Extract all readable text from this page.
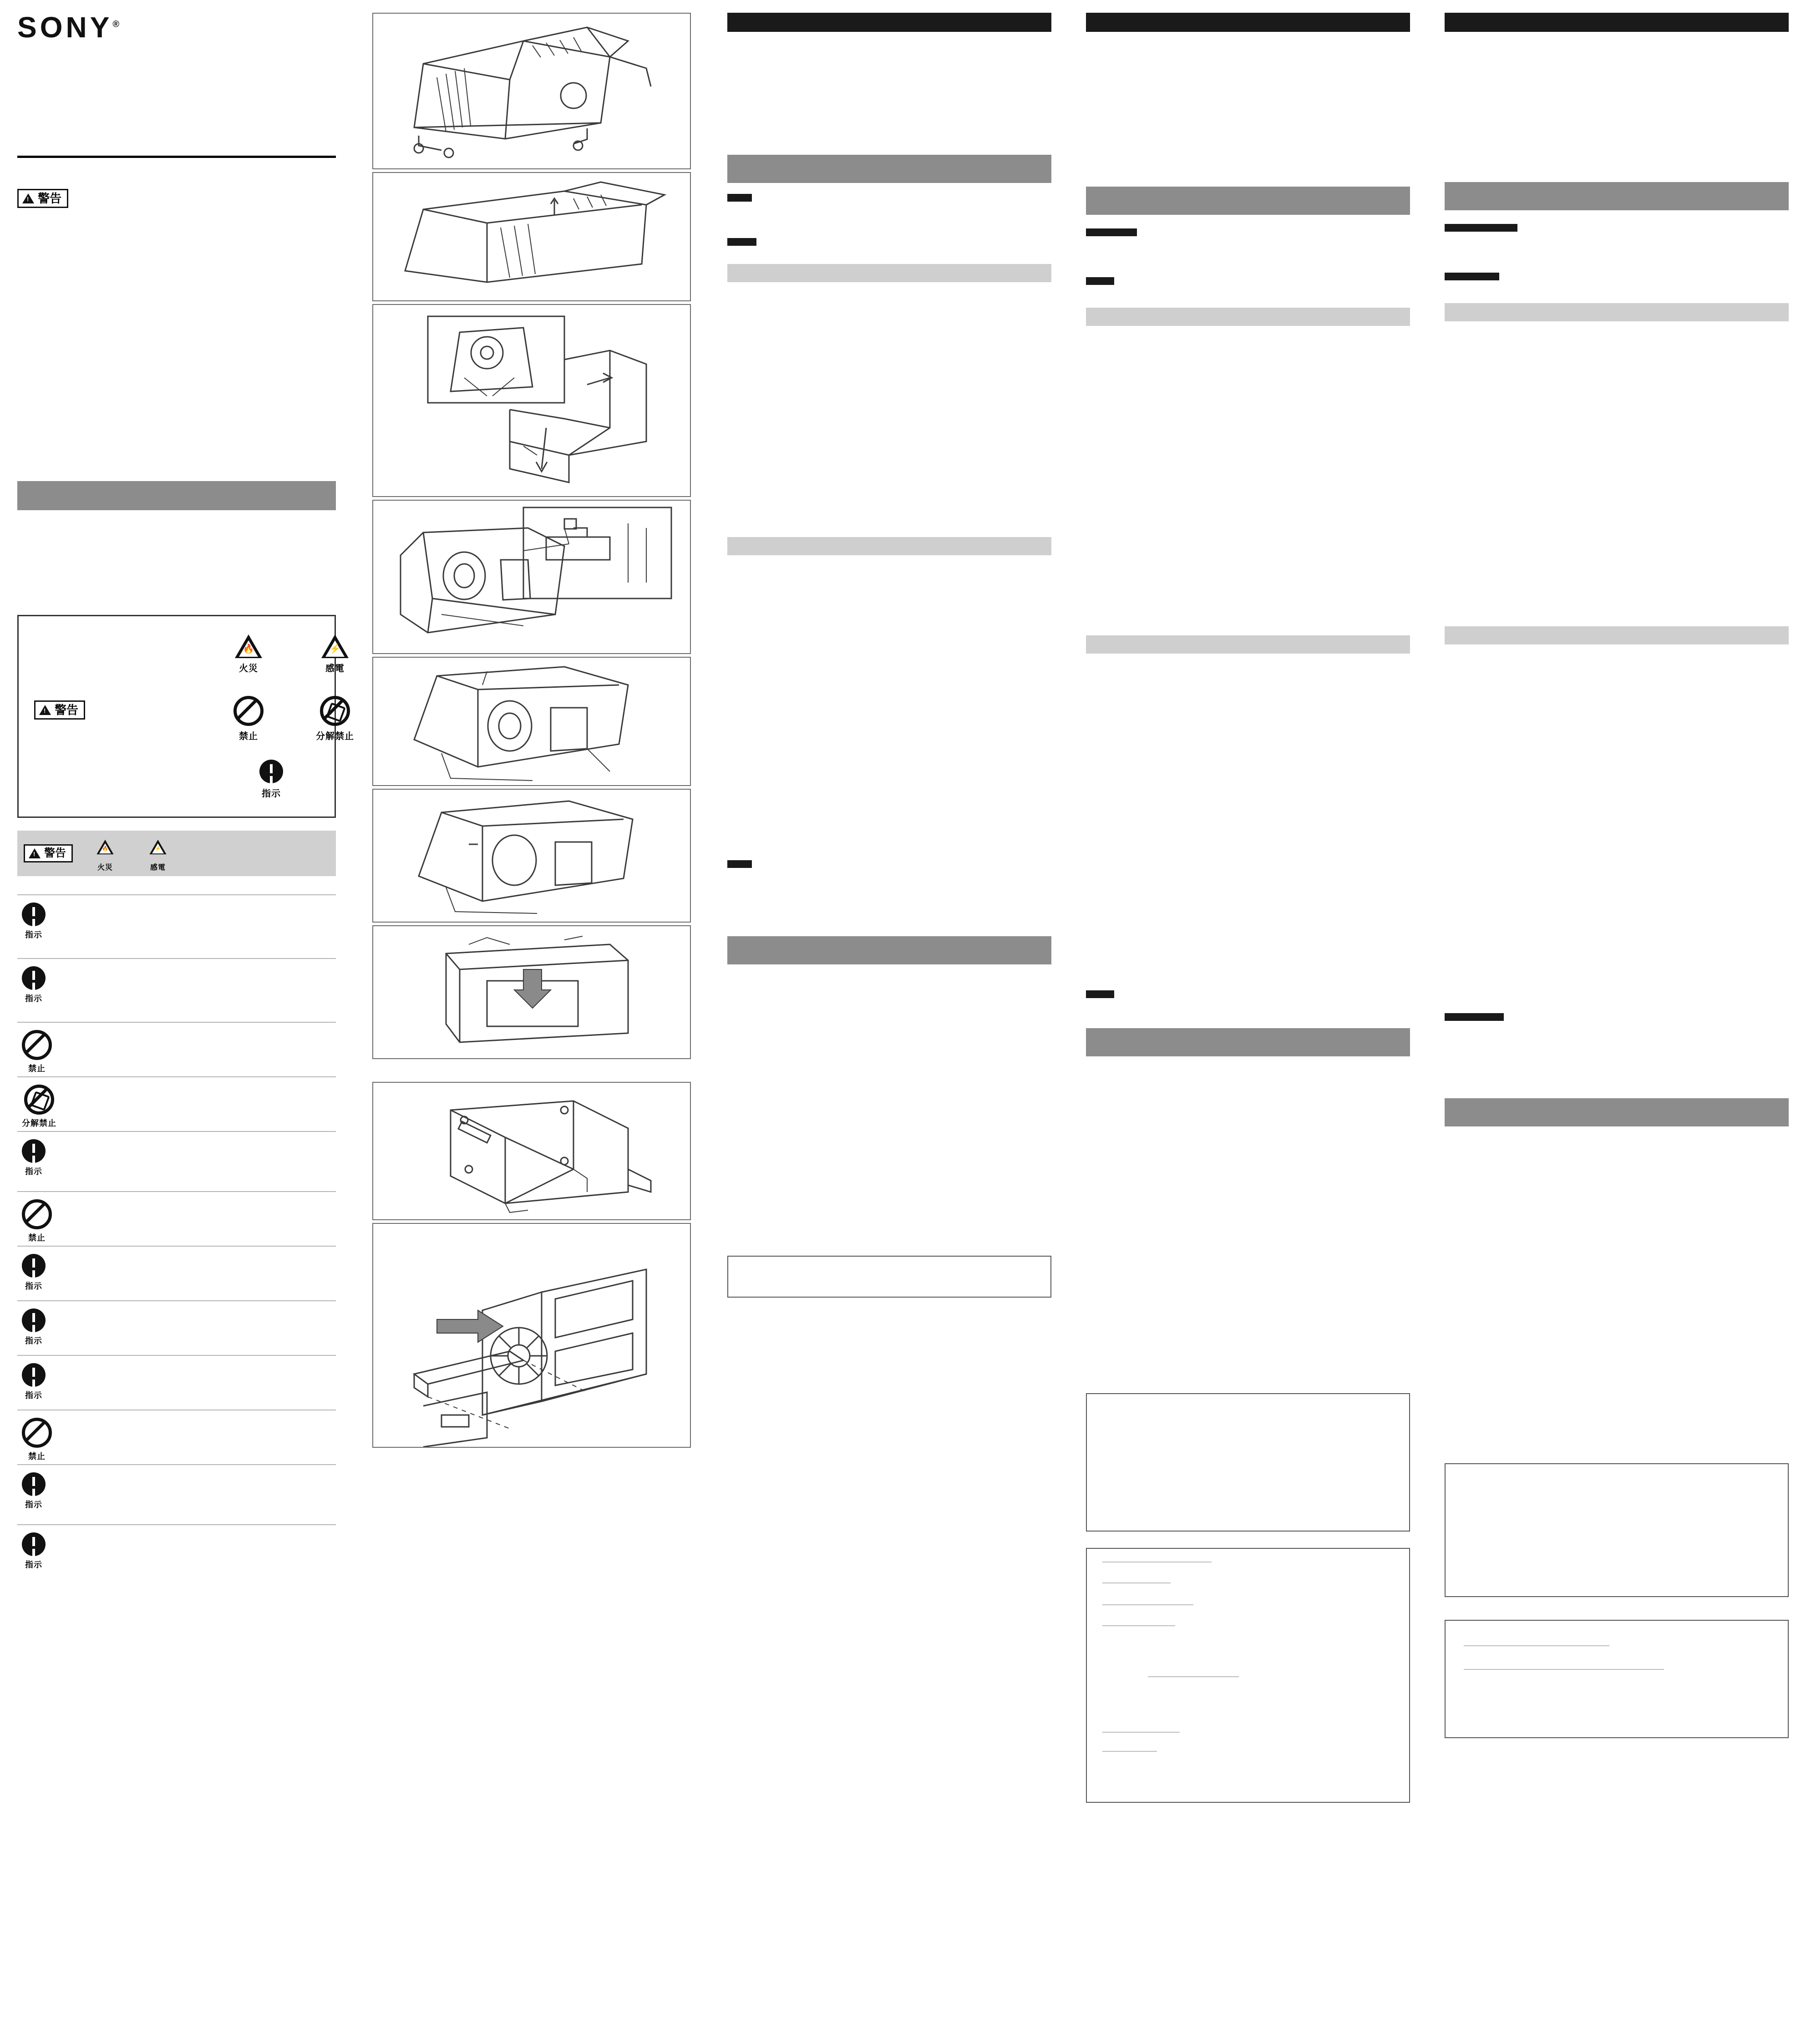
SONY®
!
警告
!
警告
🔥
火災
⚡
感電
禁止	分解禁止
指示
!
警告	🔥
火災
⚡
感電
指示
指示
禁止
分解禁止
指示
禁止
指示
指示
指示
禁止
指示
指示
